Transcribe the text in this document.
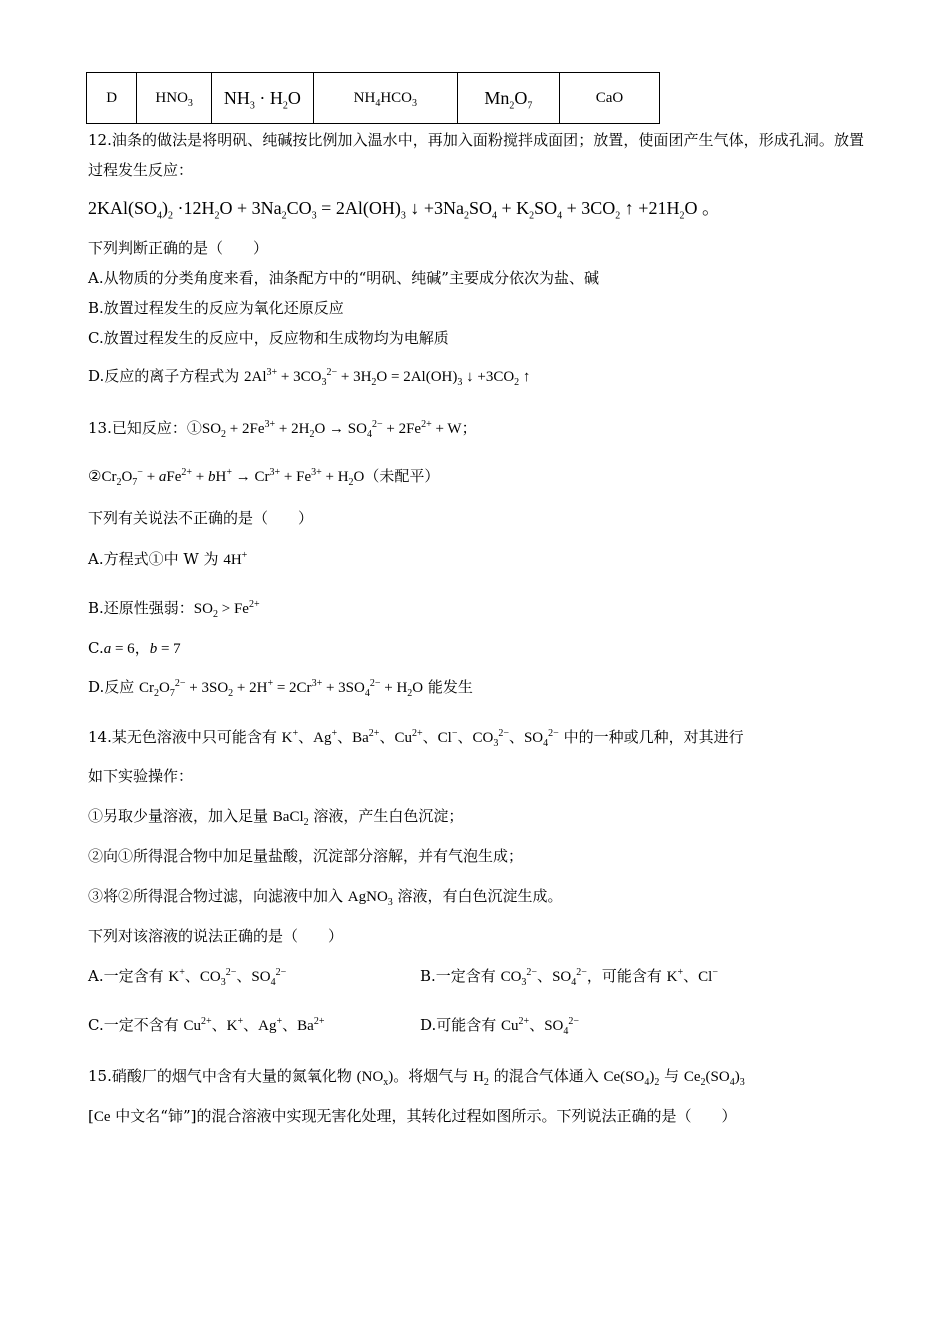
D	$HNO_3$	$NH_3 \cdot H_2O$	$NH_4HCO_3$	$Mn_2O_7$	CaO
12.油条的做法是将明矾、纯碱按比例加入温水中，再加入面粉搅拌成面团；放置，使面团产生气体，形成孔洞。放置过程发生反应：
$2KAl(SO_4)_2 \cdot 12H_2O + 3Na_2CO_3 = 2Al(OH)_3$ ↓ $+3Na_2SO_4 + K_2SO_4 + 3CO_2$ ↑ $+21H_2O$ 。
下列判断正确的是（　　）
A.从物质的分类角度来看，油条配方中的“明矾、纯碱”主要成分依次为盐、碱
B.放置过程发生的反应为氧化还原反应
C.放置过程发生的反应中，反应物和生成物均为电解质
D.反应的离子方程式为 $2Al^{3+} + 3CO_3^{2-} + 3H_2O = 2Al(OH)_3$ ↓ $+3CO_2$ ↑
13.已知反应：$①SO_2 + 2Fe^{3+} + 2H_2O \to SO_4^{2-} + 2Fe^{2+} + W$；
$②Cr_2O_7^- + aFe^{2+} + bH^+ \to Cr^{3+} + Fe^{3+} + H_2O$（未配平）
下列有关说法不正确的是（　　）
A.方程式①中 W 为 4H+
B.还原性强弱：$SO_2 > Fe^{2+}$
C.a = 6，b = 7
D.反应 $Cr_2O_7^{2-} + 3SO_2 + 2H^+ = 2Cr^{3+} + 3SO_4^{2-} + H_2O$ 能发生
14.某无色溶液中只可能含有 K+、Ag+、$Ba^{2+}$、$Cu^{2+}$、Cl−、$CO_3^{2-}$、$SO_4^{2-}$ 中的一种或几种，对其进行
如下实验操作：
①另取少量溶液，加入足量 BaCl$_2$ 溶液，产生白色沉淀；
②向①所得混合物中加足量盐酸，沉淀部分溶解，并有气泡生成；
③将②所得混合物过滤，向滤液中加入 AgNO$_3$ 溶液，有白色沉淀生成。
下列对该溶液的说法正确的是（　　）
A.一定含有 K+、$CO_3^{2-}$、$SO_4^{2-}$	B.一定含有 $CO_3^{2-}$、$SO_4^{2-}$，可能含有 K+、Cl−
C.一定不含有 $Cu^{2+}$、K+、Ag+、$Ba^{2+}$	D.可能含有 $Cu^{2+}$、$SO_4^{2-}$
15.硝酸厂的烟气中含有大量的氮氧化物 $(NO_x)$。将烟气与 $H_2$ 的混合气体通入 $Ce(SO_4)_2$ 与 $Ce_2(SO_4)_3$
[Ce 中文名“铈”]的混合溶液中实现无害化处理，其转化过程如图所示。下列说法正确的是（　　）
